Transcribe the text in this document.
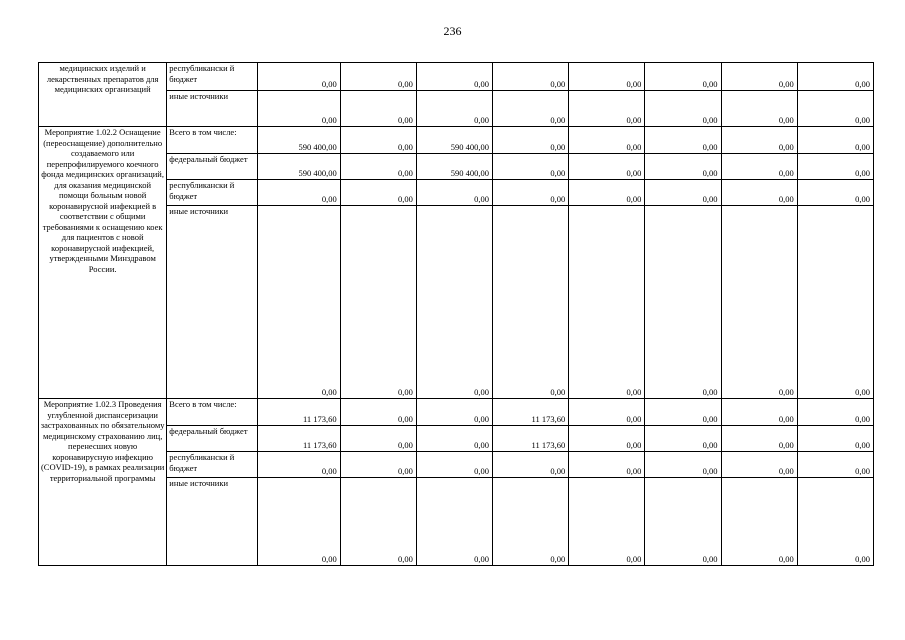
236
медицинских изделий и лекарственных препаратов для медицинских организаций	республикански й бюджет	0,00	0,00	0,00	0,00	0,00	0,00	0,00	0,00
	иные источники	0,00	0,00	0,00	0,00	0,00	0,00	0,00	0,00
Мероприятие 1.02.2 Оснащение (переоснащение) дополнительно создаваемого или перепрофилируемого коечного фонда медицинских организаций, для оказания медицинской помощи больным новой коронавирусной инфекцией в соответствии с общими требованиями к оснащению коек для пациентов с новой коронавирусной инфекцией, утвержденными Минздравом России.	Всего в том числе:	590 400,00	0,00	590 400,00	0,00	0,00	0,00	0,00	0,00
	федеральный бюджет	590 400,00	0,00	590 400,00	0,00	0,00	0,00	0,00	0,00
	республикански й бюджет	0,00	0,00	0,00	0,00	0,00	0,00	0,00	0,00
	иные источники	0,00	0,00	0,00	0,00	0,00	0,00	0,00	0,00
Мероприятие 1.02.3 Проведения углубленной диспансеризации застрахованных по обязательному медицинскому страхованию лиц, перенесших новую коронавирусную инфекцию (COVID-19), в рамках реализации территориальной программы	Всего в том числе:	11 173,60	0,00	0,00	11 173,60	0,00	0,00	0,00	0,00
	федеральный бюджет	11 173,60	0,00	0,00	11 173,60	0,00	0,00	0,00	0,00
	республикански й бюджет	0,00	0,00	0,00	0,00	0,00	0,00	0,00	0,00
	иные источники	0,00	0,00	0,00	0,00	0,00	0,00	0,00	0,00
